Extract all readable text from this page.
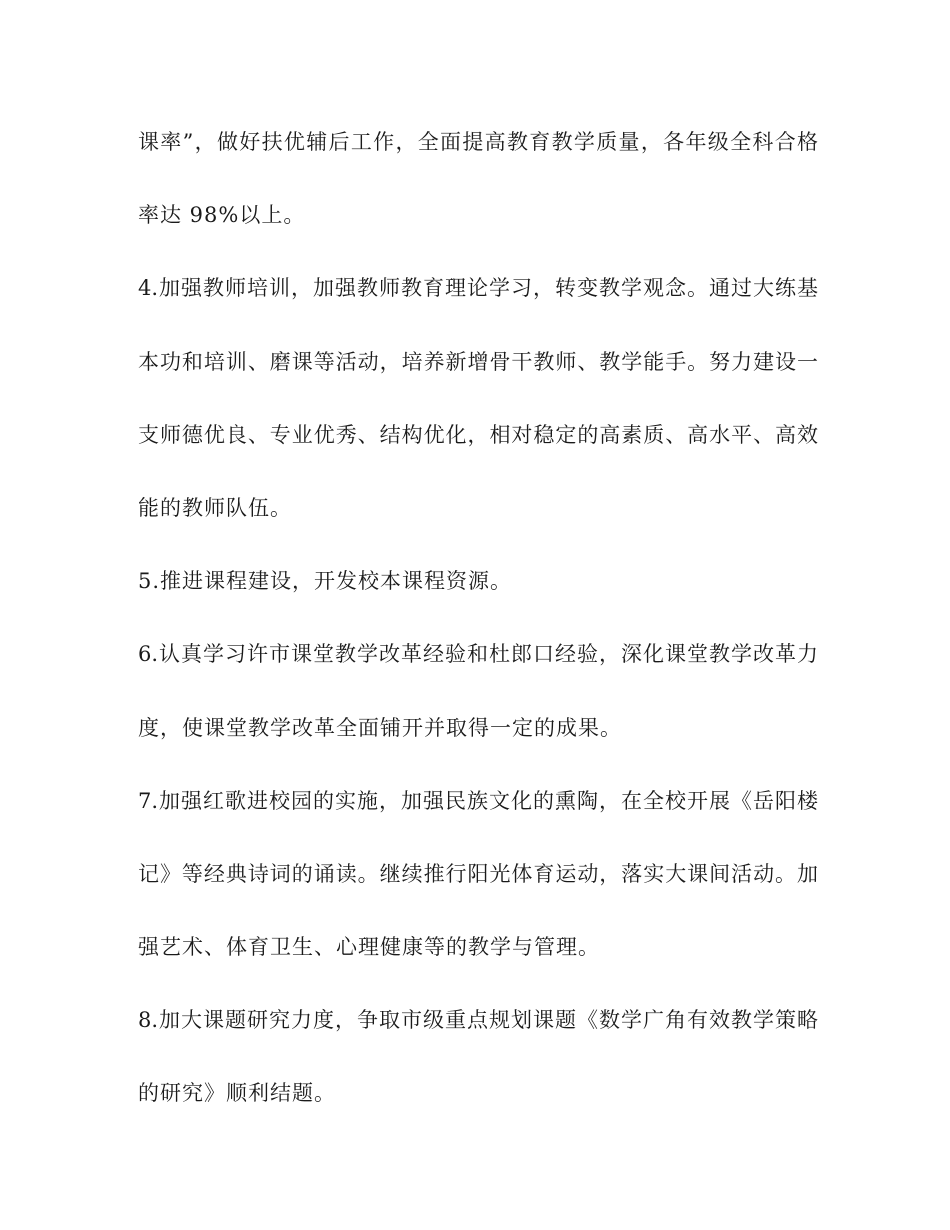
课率”，做好扶优辅后工作，全面提高教育教学质量，各年级全科合格
率达 98%以上。
4.加强教师培训，加强教师教育理论学习，转变教学观念。通过大练基
本功和培训、磨课等活动，培养新增骨干教师、教学能手。努力建设一
支师德优良、专业优秀、结构优化，相对稳定的高素质、高水平、高效
能的教师队伍。
5.推进课程建设，开发校本课程资源。
6.认真学习许市课堂教学改革经验和杜郎口经验，深化课堂教学改革力
度，使课堂教学改革全面铺开并取得一定的成果。
7.加强红歌进校园的实施，加强民族文化的熏陶，在全校开展《岳阳楼
记》等经典诗词的诵读。继续推行阳光体育运动，落实大课间活动。加
强艺术、体育卫生、心理健康等的教学与管理。
8.加大课题研究力度，争取市级重点规划课题《数学广角有效教学策略
的研究》顺利结题。
